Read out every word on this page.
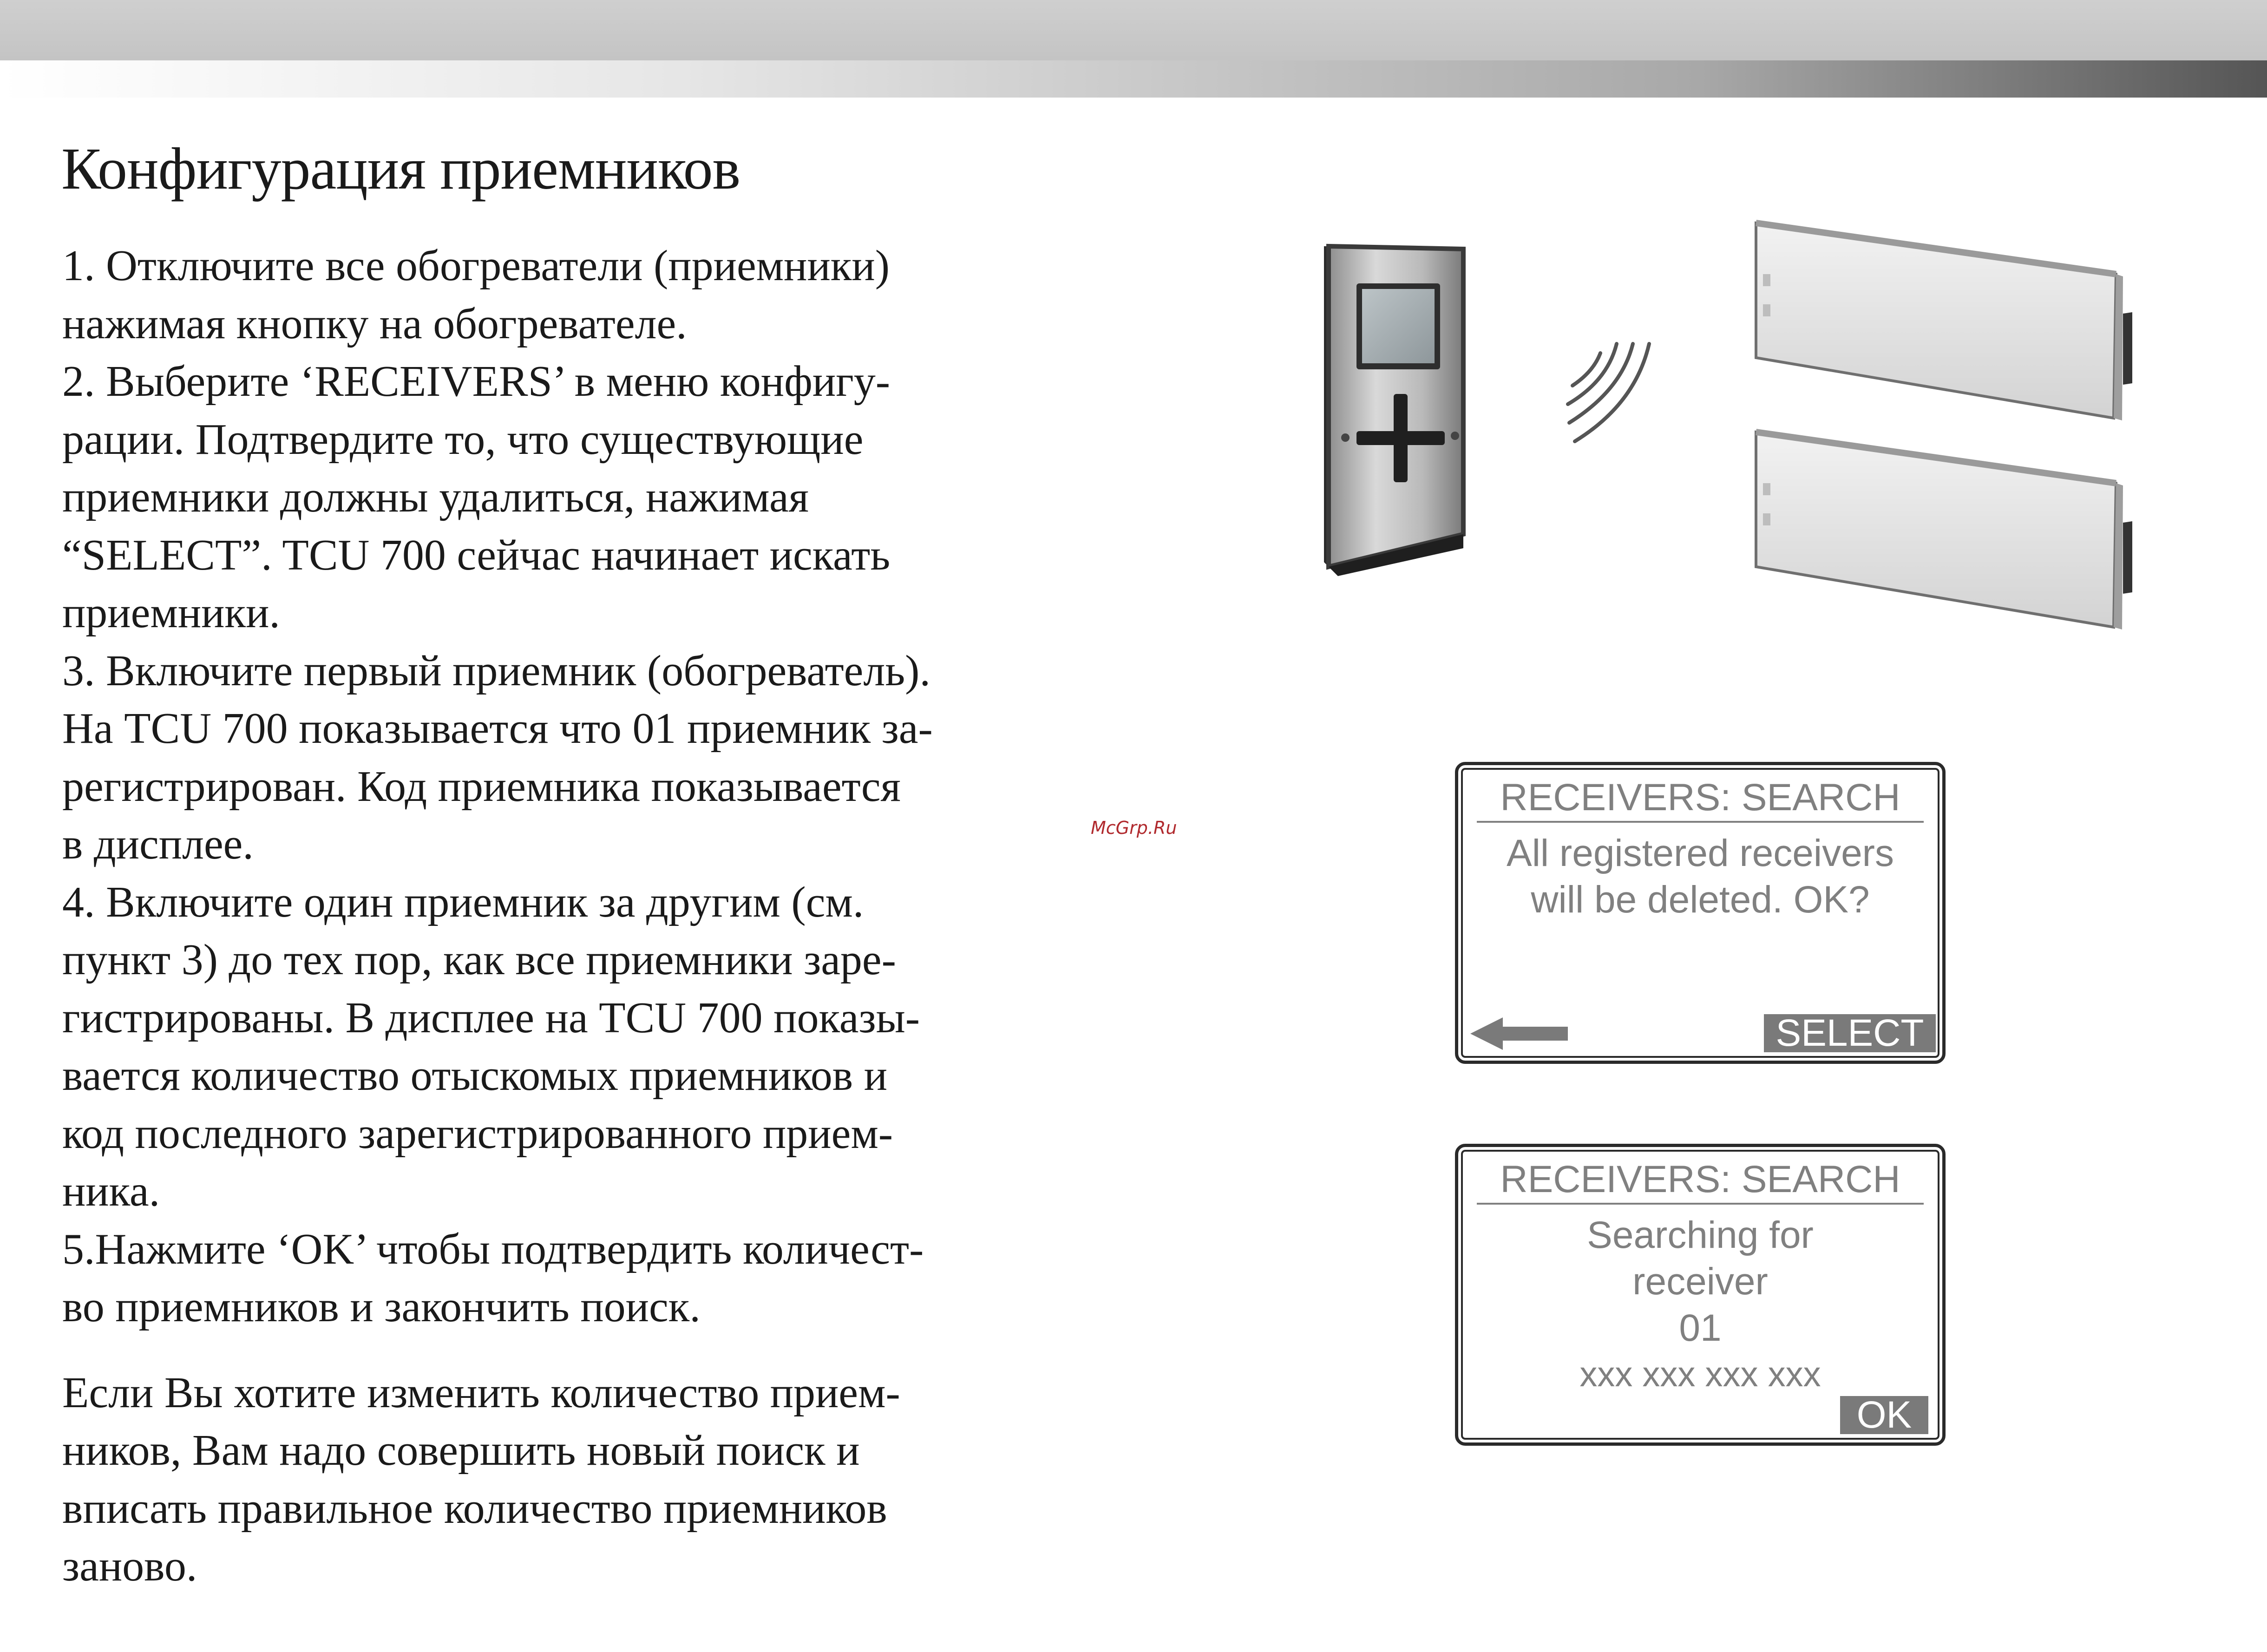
Конфигурация приемников
1. Отключите все обогреватели (приемники)
нажимая кнопку на обогревателе.
2. Выберите ‘RECEIVERS’ в меню конфигу-
рации. Подтвердите то, что существующие
приемники должны удалиться, нажимая
“SELECT”. TCU 700 сейчас начинает искать
приемники.
3. Включите первый приемник (обогреватель).
На TCU 700 показывается что 01 приемник за-
регистрирован. Код приемника показывается
в дисплее.
4. Включите один приемник за другим (см.
пункт 3) до тех пор, как все приемники заре-
гистрированы. В дисплее на TCU 700 показы-
вается количество отыскомых приемников и
код последного зарегистрированного прием-
ника.
5.Нажмите ‘OK’ чтобы подтвердить количест-
во приемников и закончить поиск.
Если Вы хотите изменить количество прием-
ников, Вам надо совершить новый поиск и
вписать правильное количество приемников
заново.
McGrp.Ru
RECEIVERS: SEARCH
All registered receivers
will be deleted. OK?
SELECT
RECEIVERS: SEARCH
Searching for
receiver
01
xxx xxx xxx xxx
OK
